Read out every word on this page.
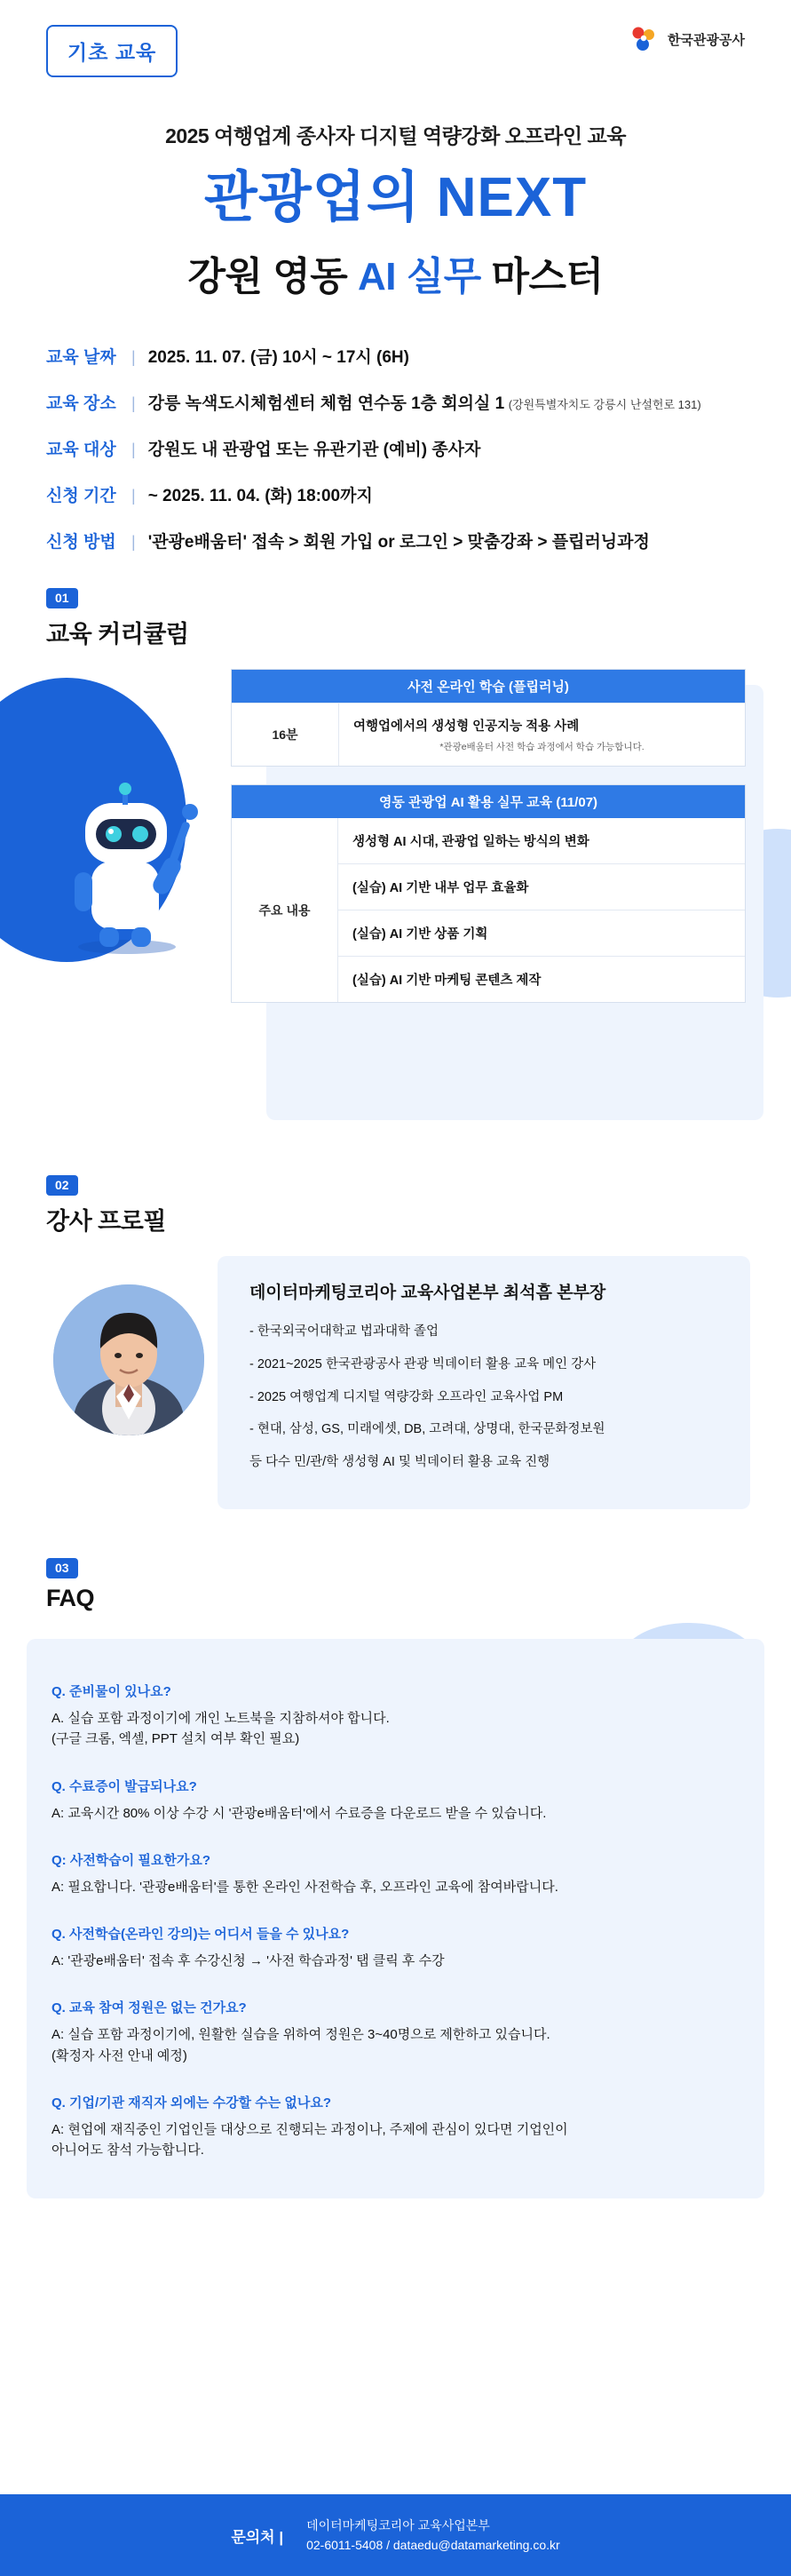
기초 교육
한국관광공사
2025 여행업계 종사자 디지털 역량강화 오프라인 교육
관광업의 NEXT
강원 영동 AI 실무 마스터
교육 날짜 | 2025. 11. 07. (금) 10시 ~ 17시 (6H)
교육 장소 | 강릉 녹색도시체험센터 체험 연수동 1층 회의실 1 (강원특별자치도 강릉시 난설헌로 131)
교육 대상 | 강원도 내 관광업 또는 유관기관 (예비) 종사자
신청 기간 | ~ 2025. 11. 04. (화) 18:00까지
신청 방법 | '관광e배움터' 접속 > 회원 가입 or 로그인 > 맞춤강좌 > 플립러닝과정
01
교육 커리큘럼
사전 온라인 학습 (플립러닝)
16분
여행업에서의 생성형 인공지능 적용 사례
*관광e배움터 사전 학습 과정에서 학습 가능합니다.
영동 관광업 AI 활용 실무 교육 (11/07)
주요 내용
생성형 AI 시대, 관광업 일하는 방식의 변화
(실습) AI 기반 내부 업무 효율화
(실습) AI 기반 상품 기획
(실습) AI 기반 마케팅 콘텐츠 제작
02
강사 프로필
데이터마케팅코리아 교육사업본부 최석흠 본부장
- 한국외국어대학교 법과대학 졸업
- 2021~2025 한국관광공사 관광 빅데이터 활용 교육 메인 강사
- 2025 여행업계 디지털 역량강화 오프라인 교육사업 PM
- 현대, 삼성, GS, 미래에셋, DB, 고려대, 상명대, 한국문화정보원
등 다수 민/관/학 생성형 AI 및 빅데이터 활용 교육 진행
03
FAQ
Q. 준비물이 있나요?
A. 실습 포함 과정이기에 개인 노트북을 지참하셔야 합니다.
(구글 크롬, 엑셀, PPT 설치 여부 확인 필요)
Q. 수료증이 발급되나요?
A: 교육시간 80% 이상 수강 시 '관광e배움터'에서 수료증을 다운로드 받을 수 있습니다.
Q: 사전학습이 필요한가요?
A: 필요합니다. '관광e배움터'를 통한 온라인 사전학습 후, 오프라인 교육에 참여바랍니다.
Q. 사전학습(온라인 강의)는 어디서 들을 수 있나요?
A: '관광e배움터' 접속 후 수강신청 → '사전 학습과정' 탭 클릭 후 수강
Q. 교육 참여 정원은 없는 건가요?
A: 실습 포함 과정이기에, 원활한 실습을 위하여 정원은 3~40명으로 제한하고 있습니다.
(확정자 사전 안내 예정)
Q. 기업/기관 재직자 외에는 수강할 수는 없나요?
A: 현업에 재직중인 기업인들 대상으로 진행되는 과정이나, 주제에 관심이 있다면 기업인이
아니어도 참석 가능합니다.
문의처 |
데이터마케팅코리아 교육사업본부
02-6011-5408 / dataedu@datamarketing.co.kr
